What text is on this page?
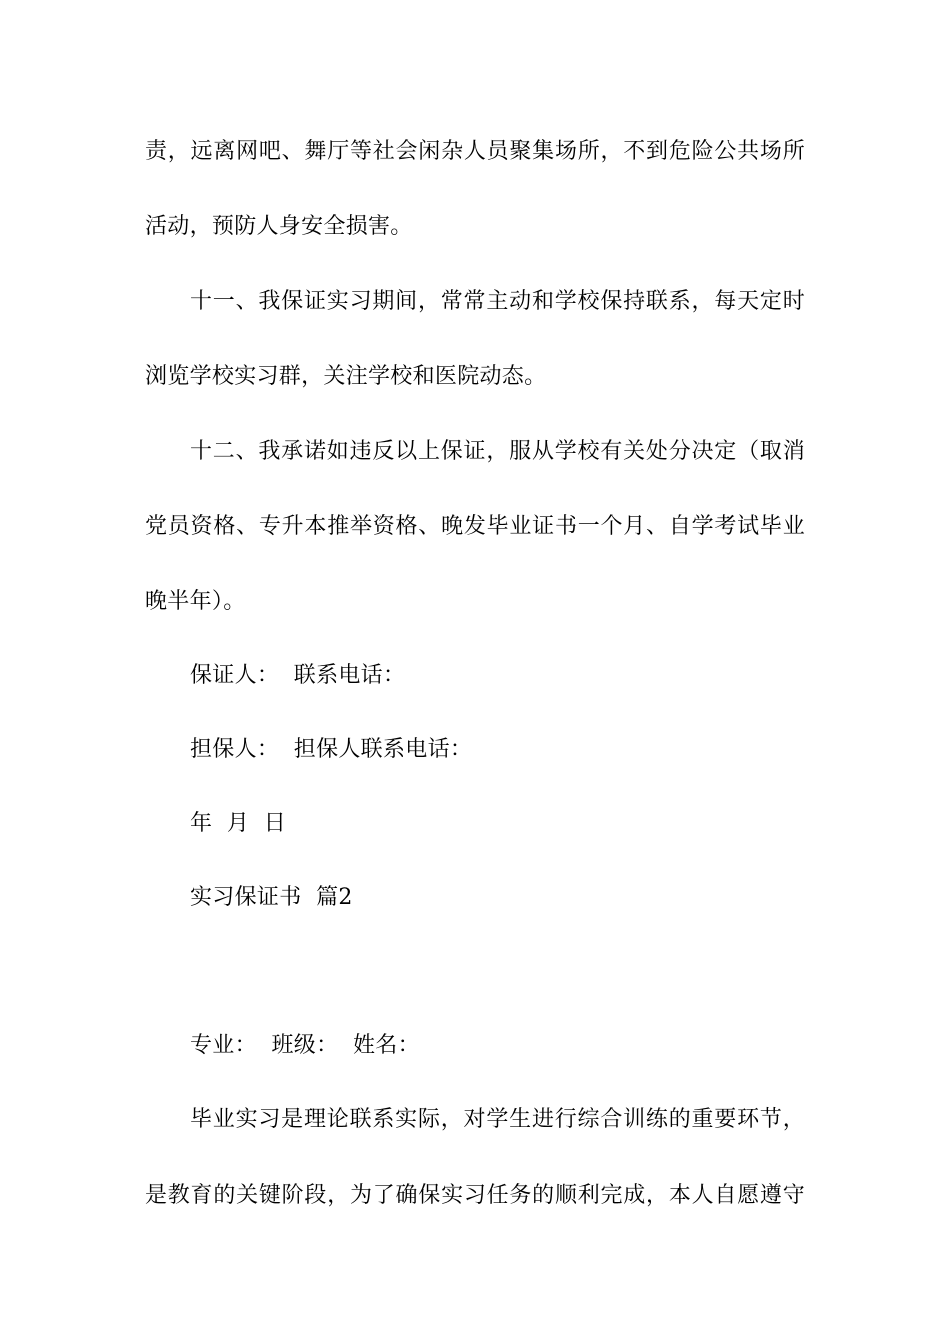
责，远离网吧、舞厅等社会闲杂人员聚集场所，不到危险公共场所
活动，预防人身安全损害。
十一、我保证实习期间，常常主动和学校保持联系，每天定时
浏览学校实习群，关注学校和医院动态。
十二、我承诺如违反以上保证，服从学校有关处分决定（取消
党员资格、专升本推举资格、晚发毕业证书一个月、自学考试毕业
晚半年）。
保证人：  联系电话：
担保人：  担保人联系电话：
年  月  日
实习保证书  篇2
专业：  班级：  姓名：
毕业实习是理论联系实际，对学生进行综合训练的重要环节，
是教育的关键阶段，为了确保实习任务的顺利完成，本人自愿遵守
